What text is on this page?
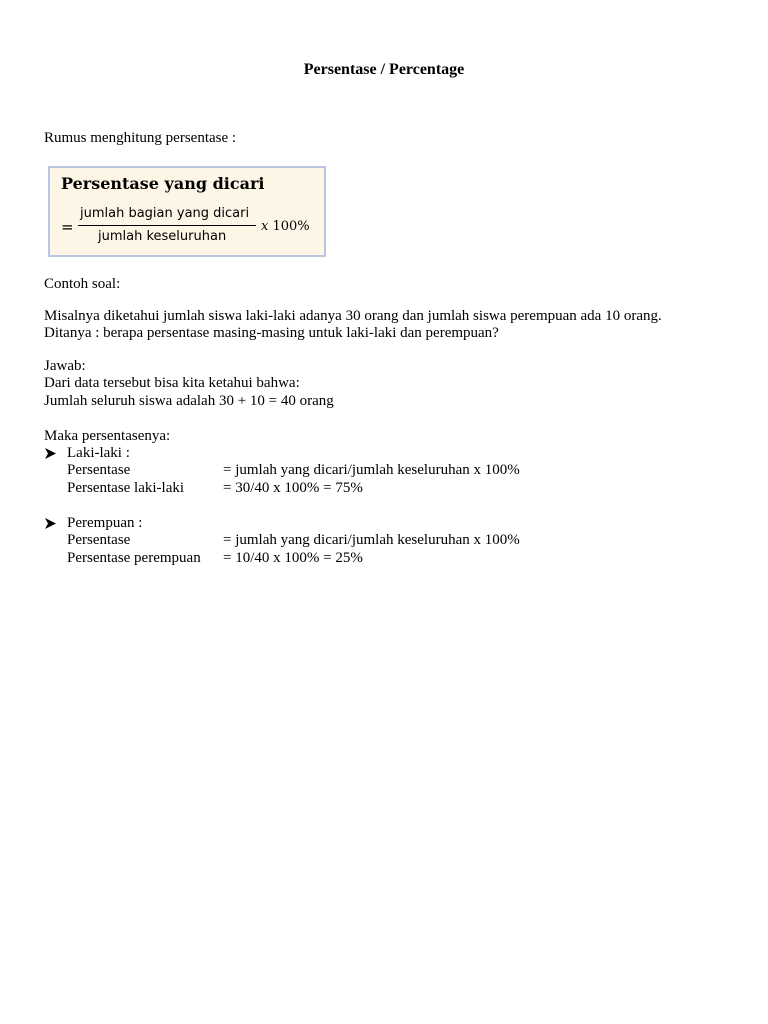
Persentase / Percentage
Rumus menghitung persentase :
Persentase yang dicari
=
jumlah bagian yang dicari
jumlah keseluruhan
x 100%
Contoh soal:
Misalnya diketahui jumlah siswa laki-laki adanya 30 orang dan jumlah siswa perempuan ada 10 orang.
Ditanya : berapa persentase masing-masing untuk laki-laki dan perempuan?
Jawab:
Dari data tersebut bisa kita ketahui bahwa:
Jumlah seluruh siswa adalah 30 + 10 = 40 orang
Maka persentasenya:
Laki-laki :
Persentase	= jumlah yang dicari/jumlah keseluruhan x 100%
Persentase laki-laki	= 30/40 x 100% = 75%
Perempuan :
Persentase	= jumlah yang dicari/jumlah keseluruhan x 100%
Persentase perempuan = 10/40 x 100% = 25%
